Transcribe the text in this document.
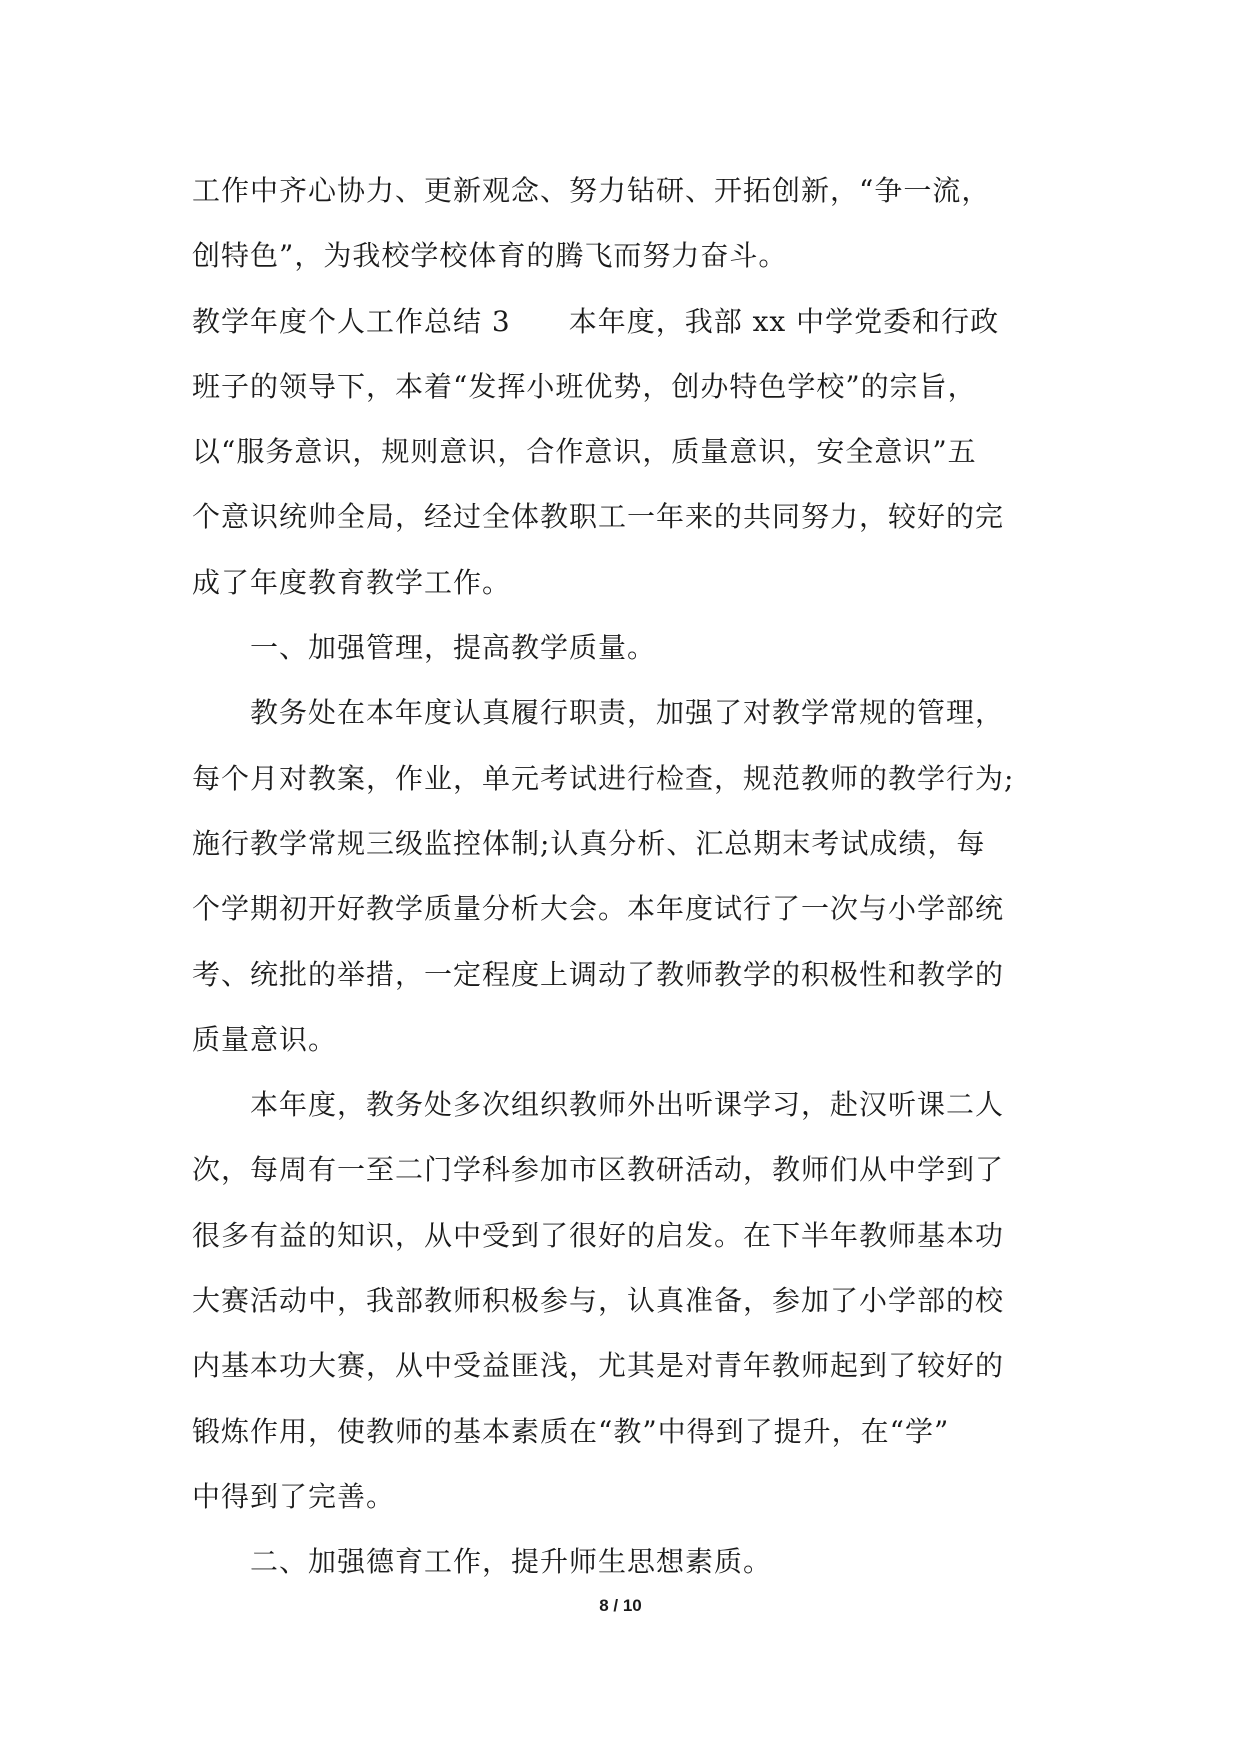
工作中齐心协力、更新观念、努力钻研、开拓创新，“争一流，
创特色”，为我校学校体育的腾飞而努力奋斗。
教学年度个人工作总结 3 本年度，我部 xx 中学党委和行政
班子的领导下，本着“发挥小班优势，创办特色学校”的宗旨，
以“服务意识，规则意识，合作意识，质量意识，安全意识”五
个意识统帅全局，经过全体教职工一年来的共同努力，较好的完
成了年度教育教学工作。
一、加强管理，提高教学质量。
教务处在本年度认真履行职责，加强了对教学常规的管理，
每个月对教案，作业，单元考试进行检查，规范教师的教学行为;
施行教学常规三级监控体制;认真分析、汇总期末考试成绩，每
个学期初开好教学质量分析大会。本年度试行了一次与小学部统
考、统批的举措，一定程度上调动了教师教学的积极性和教学的
质量意识。
本年度，教务处多次组织教师外出听课学习，赴汉听课二人
次，每周有一至二门学科参加市区教研活动，教师们从中学到了
很多有益的知识，从中受到了很好的启发。在下半年教师基本功
大赛活动中，我部教师积极参与，认真准备，参加了小学部的校
内基本功大赛，从中受益匪浅，尤其是对青年教师起到了较好的
锻炼作用，使教师的基本素质在“教”中得到了提升，在“学”
中得到了完善。
二、加强德育工作，提升师生思想素质。
8 / 10
